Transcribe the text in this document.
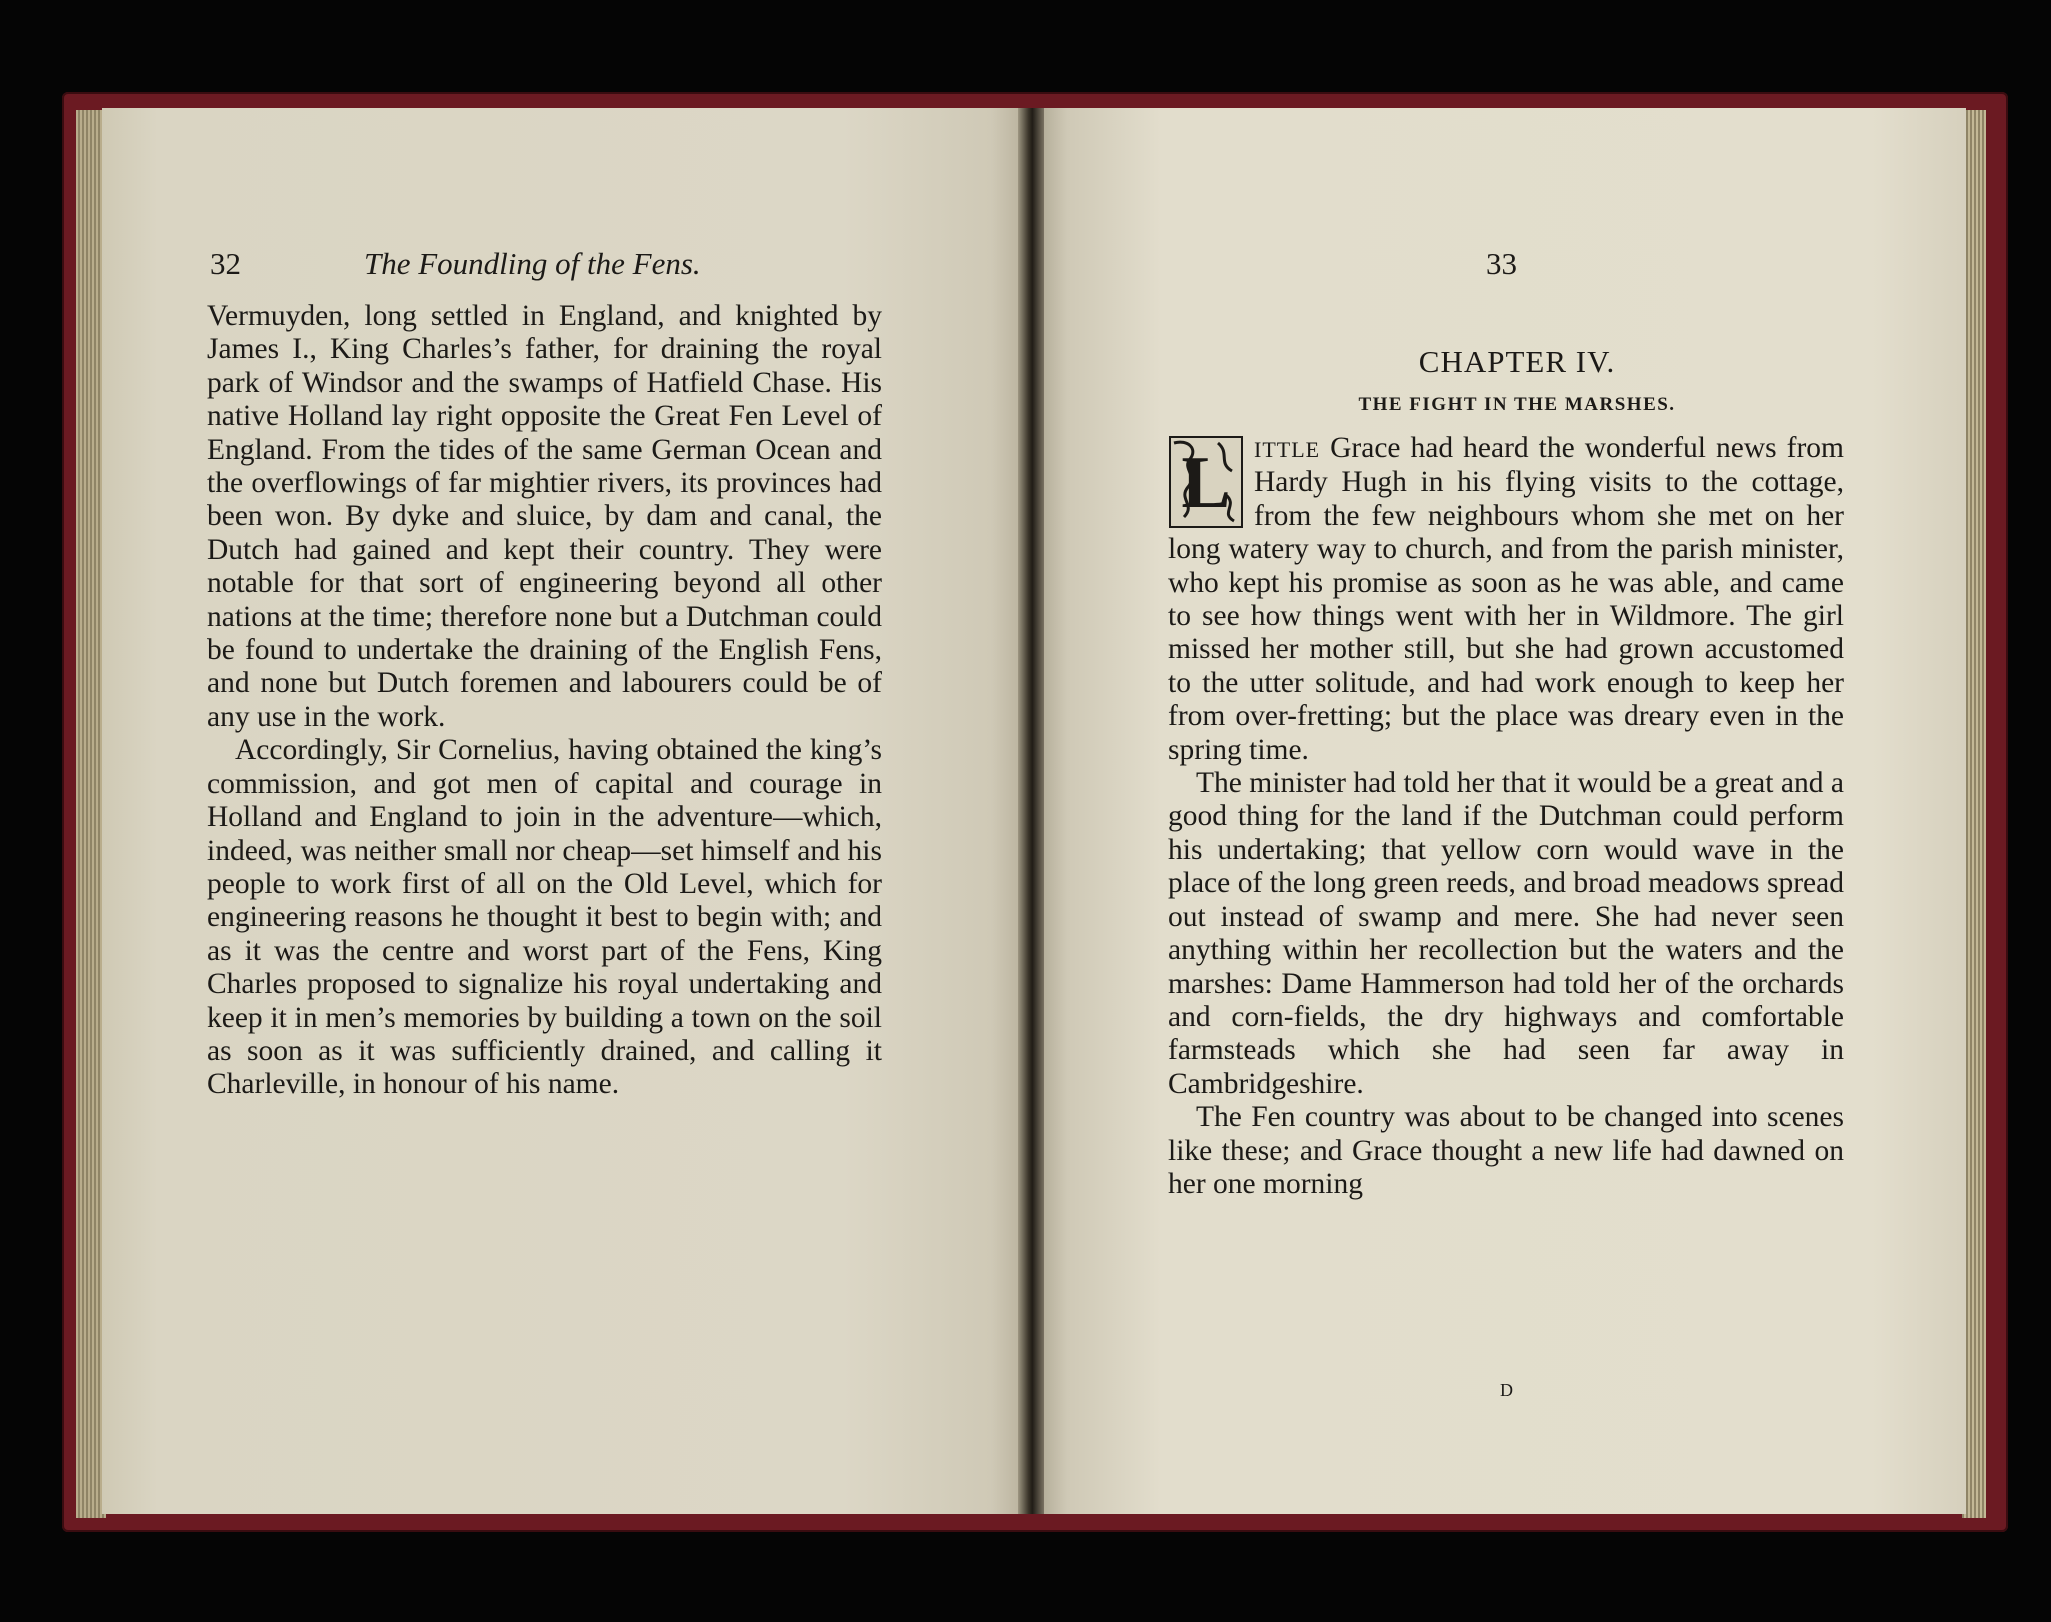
32	The Foundling of the Fens.

Vermuyden, long settled in England, and knighted by James I., King Charles’s father, for draining the royal park of Windsor and the swamps of Hatfield Chase. His native Holland lay right opposite the Great Fen Level of England. From the tides of the same German Ocean and the overflowings of far mightier rivers, its provinces had been won. By dyke and sluice, by dam and canal, the Dutch had gained and kept their country. They were notable for that sort of engineering beyond all other nations at the time; therefore none but a Dutchman could be found to undertake the draining of the English Fens, and none but Dutch foremen and labourers could be of any use in the work.

Accordingly, Sir Cornelius, having obtained the king’s commission, and got men of capital and courage in Holland and England to join in the adventure—which, indeed, was neither small nor cheap—set himself and his people to work first of all on the Old Level, which for engineering reasons he thought it best to begin with; and as it was the centre and worst part of the Fens, King Charles proposed to signalize his royal undertaking and keep it in men’s memories by building a town on the soil as soon as it was sufficiently drained, and calling it Charleville, in honour of his name.

33
CHAPTER IV.
THE FIGHT IN THE MARSHES.

L ITTLE Grace had heard the wonderful news from Hardy Hugh in his flying visits to the cottage, from the few neighbours whom she met on her long watery way to church, and from the parish minister, who kept his promise as soon as he was able, and came to see how things went with her in Wildmore. The girl missed her mother still, but she had grown accustomed to the utter solitude, and had work enough to keep her from over-fretting; but the place was dreary even in the spring time.

The minister had told her that it would be a great and a good thing for the land if the Dutchman could perform his undertaking; that yellow corn would wave in the place of the long green reeds, and broad meadows spread out instead of swamp and mere. She had never seen anything within her recollection but the waters and the marshes: Dame Hammerson had told her of the orchards and corn-fields, the dry highways and comfortable farmsteads which she had seen far away in Cambridgeshire.

The Fen country was about to be changed into scenes like these; and Grace thought a new life had dawned on her one morning

D
